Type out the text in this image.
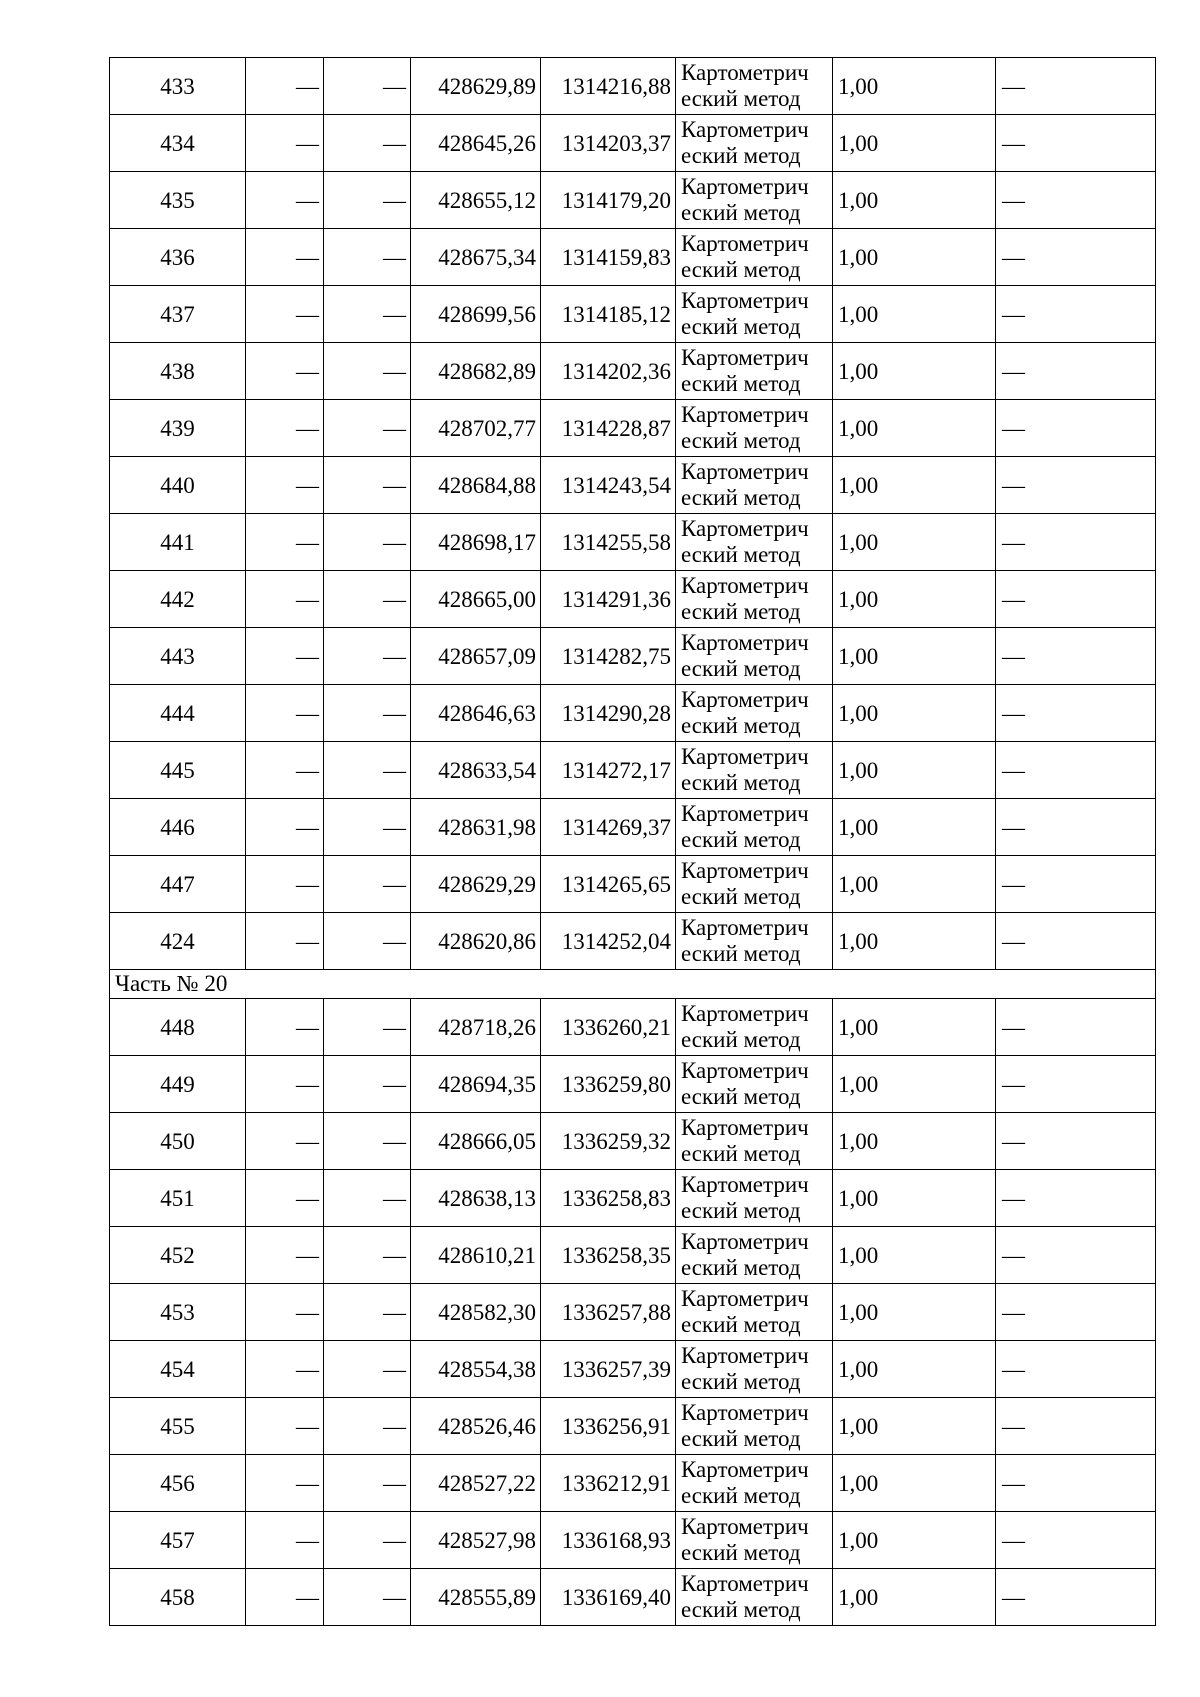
433	—	—	428629,89	1314216,88	Картометрич
еский метод	1,00	—
434	—	—	428645,26	1314203,37	Картометрич
еский метод	1,00	—
435	—	—	428655,12	1314179,20	Картометрич
еский метод	1,00	—
436	—	—	428675,34	1314159,83	Картометрич
еский метод	1,00	—
437	—	—	428699,56	1314185,12	Картометрич
еский метод	1,00	—
438	—	—	428682,89	1314202,36	Картометрич
еский метод	1,00	—
439	—	—	428702,77	1314228,87	Картометрич
еский метод	1,00	—
440	—	—	428684,88	1314243,54	Картометрич
еский метод	1,00	—
441	—	—	428698,17	1314255,58	Картометрич
еский метод	1,00	—
442	—	—	428665,00	1314291,36	Картометрич
еский метод	1,00	—
443	—	—	428657,09	1314282,75	Картометрич
еский метод	1,00	—
444	—	—	428646,63	1314290,28	Картометрич
еский метод	1,00	—
445	—	—	428633,54	1314272,17	Картометрич
еский метод	1,00	—
446	—	—	428631,98	1314269,37	Картометрич
еский метод	1,00	—
447	—	—	428629,29	1314265,65	Картометрич
еский метод	1,00	—
424	—	—	428620,86	1314252,04	Картометрич
еский метод	1,00	—
Часть № 20							
448	—	—	428718,26	1336260,21	Картометрич
еский метод	1,00	—
449	—	—	428694,35	1336259,80	Картометрич
еский метод	1,00	—
450	—	—	428666,05	1336259,32	Картометрич
еский метод	1,00	—
451	—	—	428638,13	1336258,83	Картометрич
еский метод	1,00	—
452	—	—	428610,21	1336258,35	Картометрич
еский метод	1,00	—
453	—	—	428582,30	1336257,88	Картометрич
еский метод	1,00	—
454	—	—	428554,38	1336257,39	Картометрич
еский метод	1,00	—
455	—	—	428526,46	1336256,91	Картометрич
еский метод	1,00	—
456	—	—	428527,22	1336212,91	Картометрич
еский метод	1,00	—
457	—	—	428527,98	1336168,93	Картометрич
еский метод	1,00	—
458	—	—	428555,89	1336169,40	Картометрич
еский метод	1,00	—
